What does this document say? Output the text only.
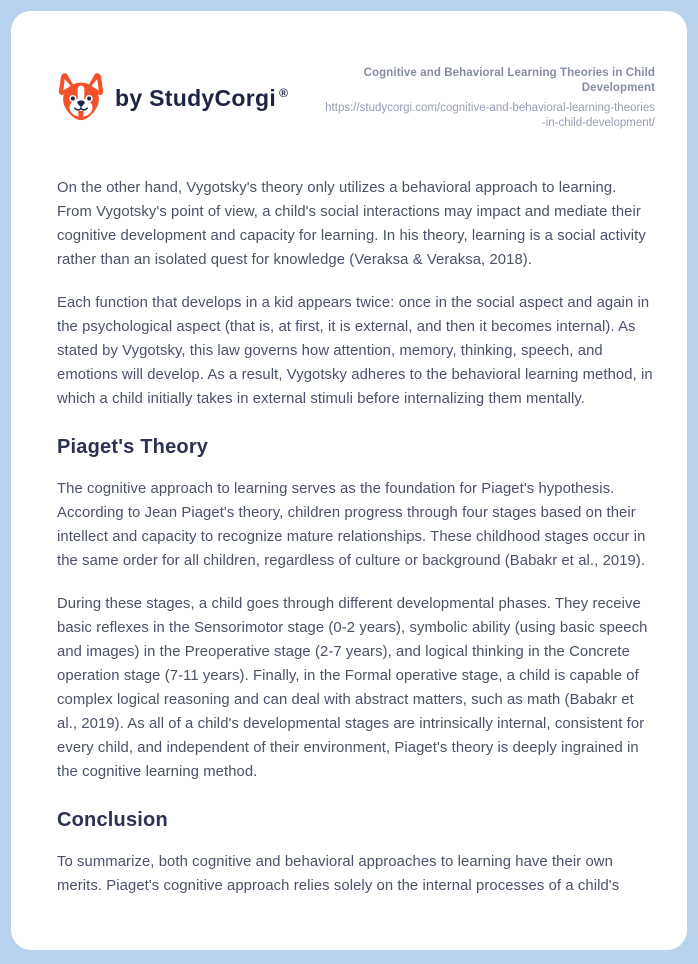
by StudyCorgi ®
Cognitive and Behavioral Learning Theories in Child Development
https://studycorgi.com/cognitive-and-behavioral-learning-theories-in-child-development/

On the other hand, Vygotsky's theory only utilizes a behavioral approach to learning. From Vygotsky's point of view, a child's social interactions may impact and mediate their cognitive development and capacity for learning. In his theory, learning is a social activity rather than an isolated quest for knowledge (Veraksa & Veraksa, 2018).

Each function that develops in a kid appears twice: once in the social aspect and again in the psychological aspect (that is, at first, it is external, and then it becomes internal). As stated by Vygotsky, this law governs how attention, memory, thinking, speech, and emotions will develop. As a result, Vygotsky adheres to the behavioral learning method, in which a child initially takes in external stimuli before internalizing them mentally.

Piaget's Theory

The cognitive approach to learning serves as the foundation for Piaget's hypothesis. According to Jean Piaget's theory, children progress through four stages based on their intellect and capacity to recognize mature relationships. These childhood stages occur in the same order for all children, regardless of culture or background (Babakr et al., 2019).

During these stages, a child goes through different developmental phases. They receive basic reflexes in the Sensorimotor stage (0-2 years), symbolic ability (using basic speech and images) in the Preoperative stage (2-7 years), and logical thinking in the Concrete operation stage (7-11 years). Finally, in the Formal operative stage, a child is capable of complex logical reasoning and can deal with abstract matters, such as math (Babakr et al., 2019). As all of a child's developmental stages are intrinsically internal, consistent for every child, and independent of their environment, Piaget's theory is deeply ingrained in the cognitive learning method.

Conclusion

To summarize, both cognitive and behavioral approaches to learning have their own merits. Piaget's cognitive approach relies solely on the internal processes of a child's
